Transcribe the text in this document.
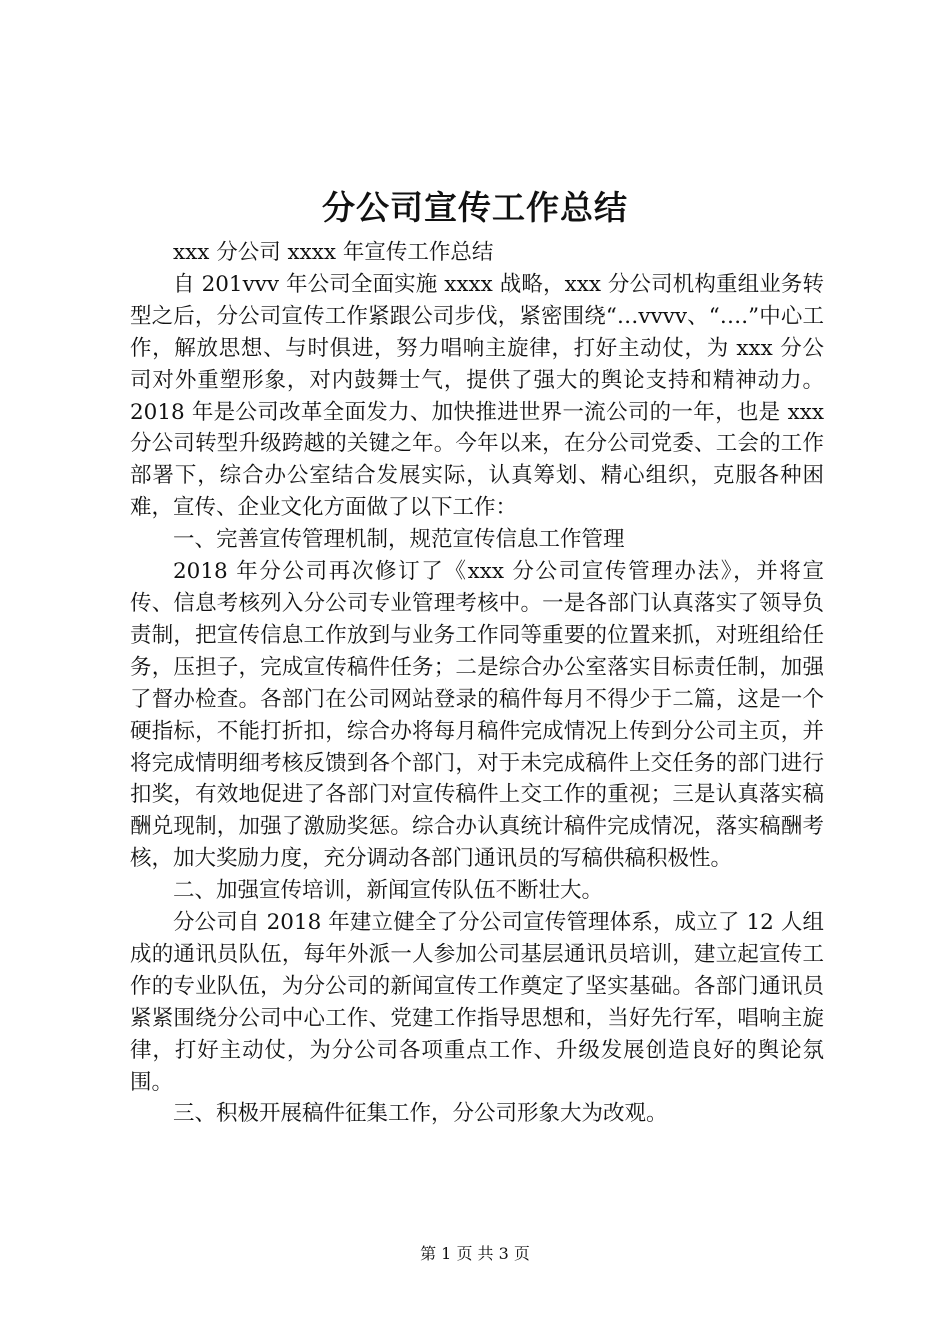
分公司宣传工作总结

xxx 分公司 xxxx 年宣传工作总结

自 201vvv 年公司全面实施 xxxx 战略，xxx 分公司机构重组业务转型之后，分公司宣传工作紧跟公司步伐，紧密围绕“…vvvv、“….”中心工作，解放思想、与时俱进，努力唱响主旋律，打好主动仗，为 xxx 分公司对外重塑形象，对内鼓舞士气，提供了强大的舆论支持和精神动力。2018 年是公司改革全面发力、加快推进世界一流公司的一年，也是 xxx 分公司转型升级跨越的关键之年。今年以来，在分公司党委、工会的工作部署下，综合办公室结合发展实际，认真筹划、精心组织，克服各种困难，宣传、企业文化方面做了以下工作：

一、完善宣传管理机制，规范宣传信息工作管理

2018 年分公司再次修订了《xxx 分公司宣传管理办法》，并将宣传、信息考核列入分公司专业管理考核中。一是各部门认真落实了领导负责制，把宣传信息工作放到与业务工作同等重要的位置来抓，对班组给任务，压担子，完成宣传稿件任务；二是综合办公室落实目标责任制，加强了督办检查。各部门在公司网站登录的稿件每月不得少于二篇，这是一个硬指标，不能打折扣，综合办将每月稿件完成情况上传到分公司主页，并将完成情明细考核反馈到各个部门，对于未完成稿件上交任务的部门进行扣奖，有效地促进了各部门对宣传稿件上交工作的重视；三是认真落实稿酬兑现制，加强了激励奖惩。综合办认真统计稿件完成情况，落实稿酬考核，加大奖励力度，充分调动各部门通讯员的写稿供稿积极性。

二、加强宣传培训，新闻宣传队伍不断壮大。

分公司自 2018 年建立健全了分公司宣传管理体系，成立了 12 人组成的通讯员队伍，每年外派一人参加公司基层通讯员培训，建立起宣传工作的专业队伍，为分公司的新闻宣传工作奠定了坚实基础。各部门通讯员紧紧围绕分公司中心工作、党建工作指导思想和，当好先行军，唱响主旋律，打好主动仗，为分公司各项重点工作、升级发展创造良好的舆论氛围。

三、积极开展稿件征集工作，分公司形象大为改观。

第 1 页 共 3 页
